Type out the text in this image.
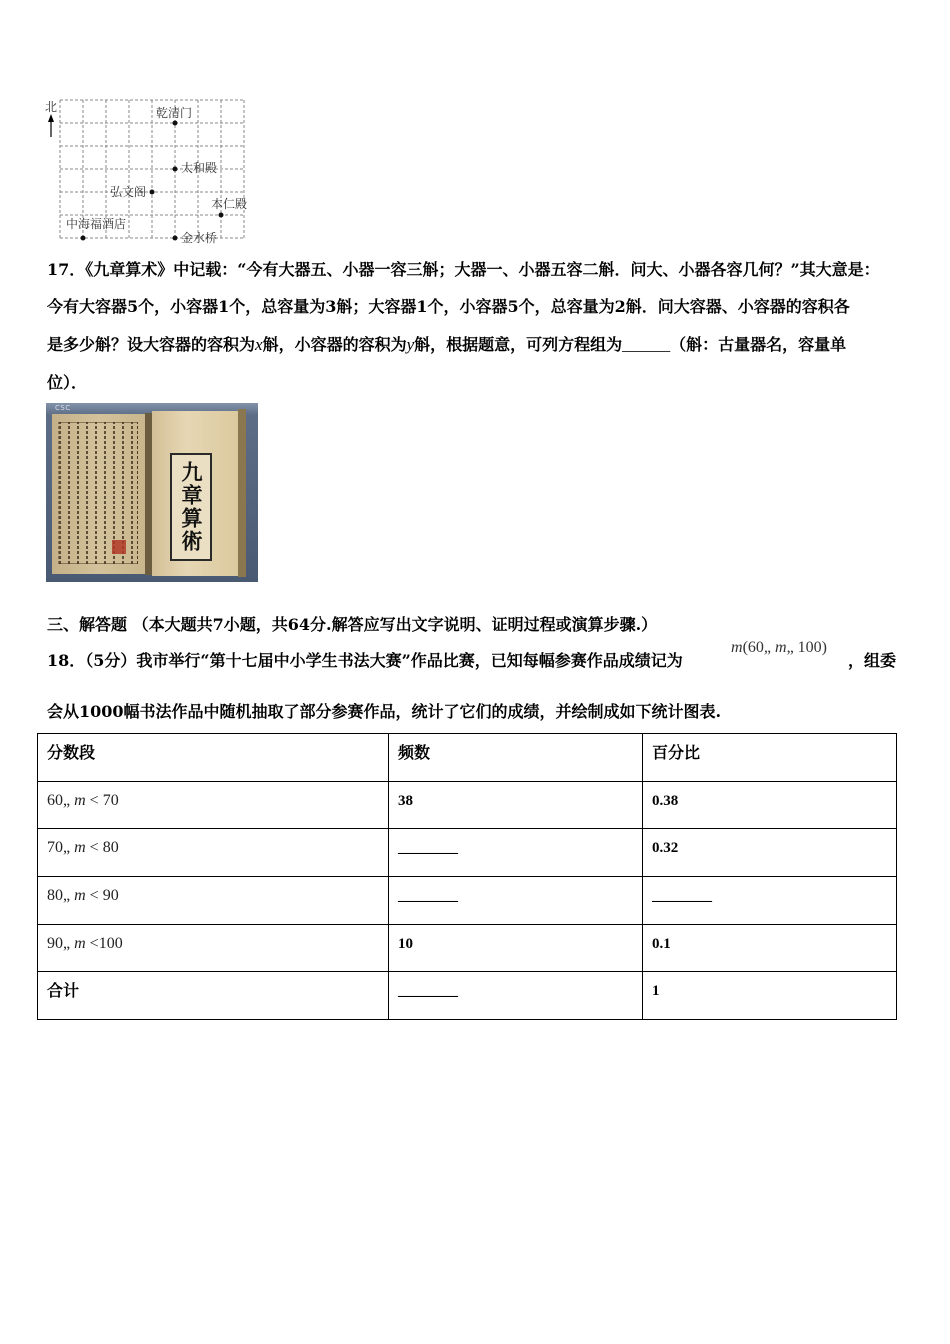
北	乾清门
太和殿
弘文阁
本仁殿
中海福酒店
金水桥
17．《九章算术》中记载：“今有大器五、小器一容三斛；大器一、小器五容二斛．问大、小器各容几何？”其大意是：
今有大容器5个，小容器1个，总容量为3斛；大容器1个，小容器5个，总容量为2斛．问大容器、小容器的容积各
是多少斛？设大容器的容积为x斛，小容器的容积为y斛，根据题意，可列方程组为______（斛：古量器名，容量单
位）．
九章算術
CSC
三、解答题 （本大题共7小题，共64分.解答应写出文字说明、证明过程或演算步骤.）
18．（5分）我市举行“第十七届中小学生书法大赛”作品比赛，已知每幅参赛作品成绩记为
m(60„ m„ 100)
，组委
会从1000幅书法作品中随机抽取了部分参赛作品，统计了它们的成绩，并绘制成如下统计图表.
分数段	频数	百分比
60„ m < 70	38	0.38
70„ m < 80	________	0.32
80„ m < 90	________	________
90„ m <100	10	0.1
合计	________	1
